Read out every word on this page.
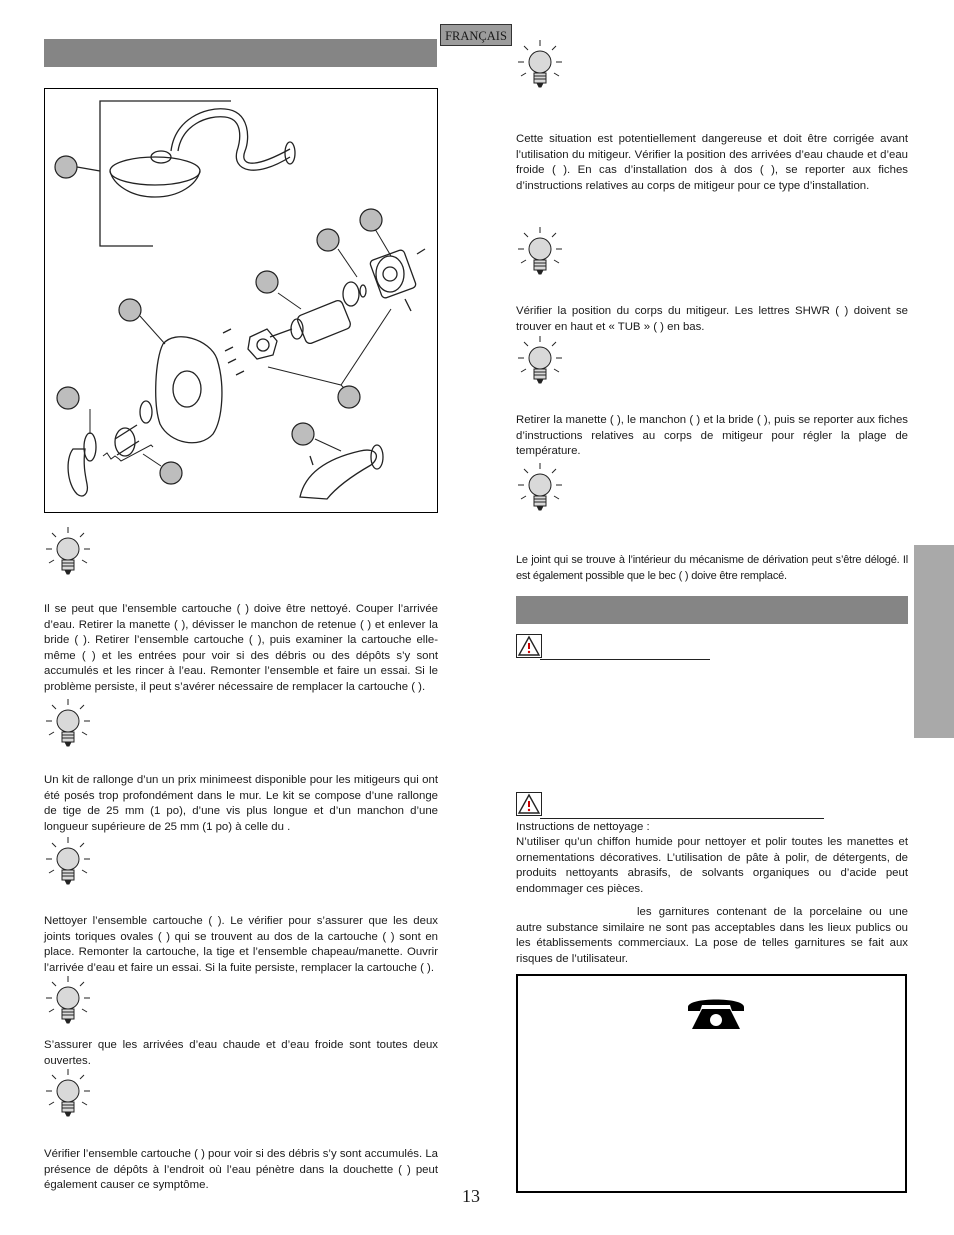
FRANÇAIS

Il se peut que l’ensemble cartouche ( ) doive être nettoyé. Couper l’arrivée d’eau. Retirer la manette ( ), dévisser le manchon de retenue ( ) et enlever la bride ( ). Retirer l’ensemble cartouche ( ), puis examiner la cartouche elle-même ( ) et les entrées pour voir si des débris ou des dépôts s’y sont accumulés et les rincer à l’eau. Remonter l’ensemble et faire un essai. Si le problème persiste, il peut s’avérer nécessaire de remplacer la cartouche ( ).

Un kit de rallonge d’un un prix minimeest disponible pour les mitigeurs qui ont été posés trop profondément dans le mur. Le kit se compose d’une rallonge de tige de 25 mm (1 po), d’une vis plus longue et d’un manchon d’une longueur supérieure de 25 mm (1 po) à celle du .

Nettoyer l’ensemble cartouche ( ). Le vérifier pour s’assurer que les deux joints toriques ovales ( ) qui se trouvent au dos de la cartouche ( ) sont en place. Remonter la cartouche, la tige et l’ensemble chapeau/manette. Ouvrir l’arrivée d’eau et faire un essai. Si la fuite persiste, remplacer la cartouche ( ).

S’assurer que les arrivées d’eau chaude et d’eau froide sont toutes deux ouvertes.

Vérifier l’ensemble cartouche ( ) pour voir si des débris s’y sont accumulés. La présence de dépôts à l’endroit où l’eau pénètre dans la douchette ( ) peut également causer ce symptôme.

Cette situation est potentiellement dangereuse et doit être corrigée avant l’utilisation du mitigeur. Vérifier la position des arrivées d’eau chaude et d’eau froide ( ). En cas d’installation dos à dos ( ), se reporter aux fiches d’instructions relatives au corps de mitigeur pour ce type d’installation.

Vérifier la position du corps du mitigeur. Les lettres SHWR ( ) doivent se trouver en haut et « TUB » ( ) en bas.

Retirer la manette ( ), le manchon ( ) et la bride ( ), puis se reporter aux fiches d’instructions relatives au corps de mitigeur pour régler la plage de température.

Le joint qui se trouve à l’intérieur du mécanisme de dérivation peut s’être délogé. Il est également possible que le bec ( ) doive être remplacé.

Instructions de nettoyage :

N’utiliser qu’un chiffon humide pour nettoyer et polir toutes les manettes et ornementations décoratives. L’utilisation de pâte à polir, de détergents, de produits nettoyants abrasifs, de solvants organiques ou d’acide peut endommager ces pièces.

les garnitures contenant de la porcelaine ou une autre substance similaire ne sont pas acceptables dans les lieux publics ou les établissements commerciaux. La pose de telles garnitures se fait aux risques de l’utilisateur.

13
